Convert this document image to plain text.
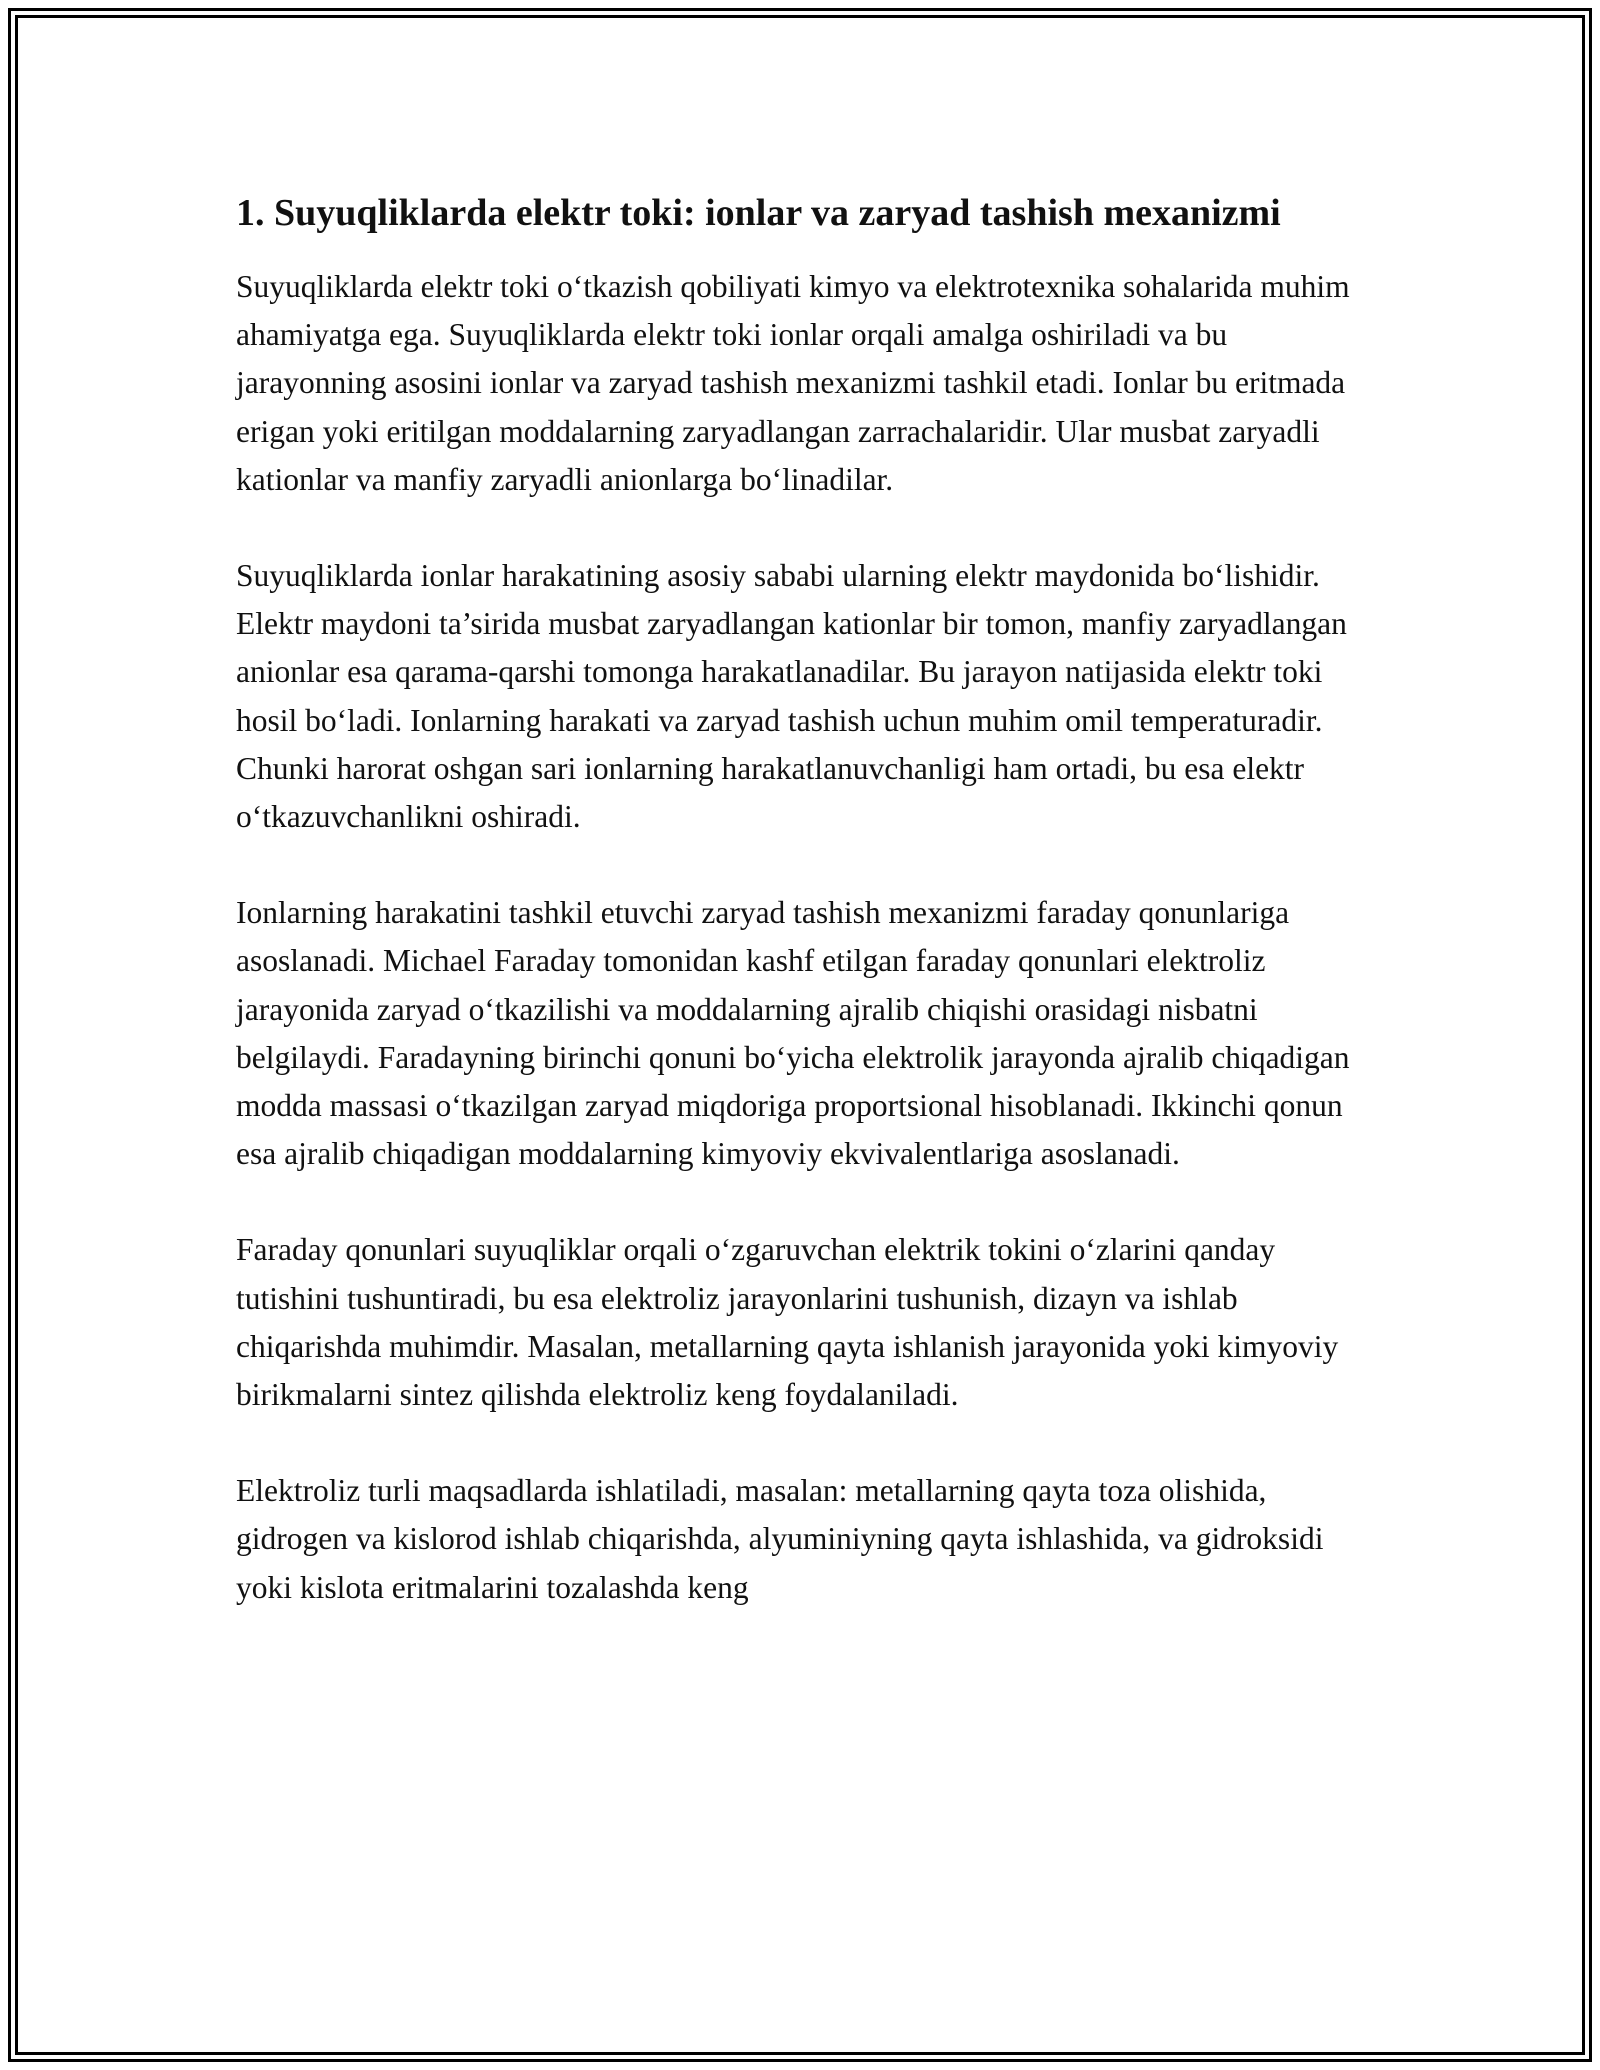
1. Suyuqliklarda elektr toki: ionlar va zaryad tashish mexanizmi

Suyuqliklarda elektr toki o‘tkazish qobiliyati kimyo va elektrotexnika sohalarida muhim ahamiyatga ega. Suyuqliklarda elektr toki ionlar orqali amalga oshiriladi va bu jarayonning asosini ionlar va zaryad tashish mexanizmi tashkil etadi. Ionlar bu eritmada erigan yoki eritilgan moddalarning zaryadlangan zarrachalaridir. Ular musbat zaryadli kationlar va manfiy zaryadli anionlarga bo‘linadilar.

Suyuqliklarda ionlar harakatining asosiy sababi ularning elektr maydonida bo‘lishidir. Elektr maydoni ta’sirida musbat zaryadlangan kationlar bir tomon, manfiy zaryadlangan anionlar esa qarama-qarshi tomonga harakatlanadilar. Bu jarayon natijasida elektr toki hosil bo‘ladi. Ionlarning harakati va zaryad tashish uchun muhim omil temperaturadir. Chunki harorat oshgan sari ionlarning harakatlanuvchanligi ham ortadi, bu esa elektr o‘tkazuvchanlikni oshiradi.

Ionlarning harakatini tashkil etuvchi zaryad tashish mexanizmi faraday qonunlariga asoslanadi. Michael Faraday tomonidan kashf etilgan faraday qonunlari elektroliz jarayonida zaryad o‘tkazilishi va moddalarning ajralib chiqishi orasidagi nisbatni belgilaydi. Faradayning birinchi qonuni bo‘yicha elektrolik jarayonda ajralib chiqadigan modda massasi o‘tkazilgan zaryad miqdoriga proportsional hisoblanadi. Ikkinchi qonun esa ajralib chiqadigan moddalarning kimyoviy ekvivalentlariga asoslanadi.

Faraday qonunlari suyuqliklar orqali o‘zgaruvchan elektrik tokini o‘zlarini qanday tutishini tushuntiradi, bu esa elektroliz jarayonlarini tushunish, dizayn va ishlab chiqarishda muhimdir. Masalan, metallarning qayta ishlanish jarayonida yoki kimyoviy birikmalarni sintez qilishda elektroliz keng foydalaniladi.

Elektroliz turli maqsadlarda ishlatiladi, masalan: metallarning qayta toza olishida, gidrogen va kislorod ishlab chiqarishda, alyuminiyning qayta ishlashida, va gidroksidi yoki kislota eritmalarini tozalashda keng
